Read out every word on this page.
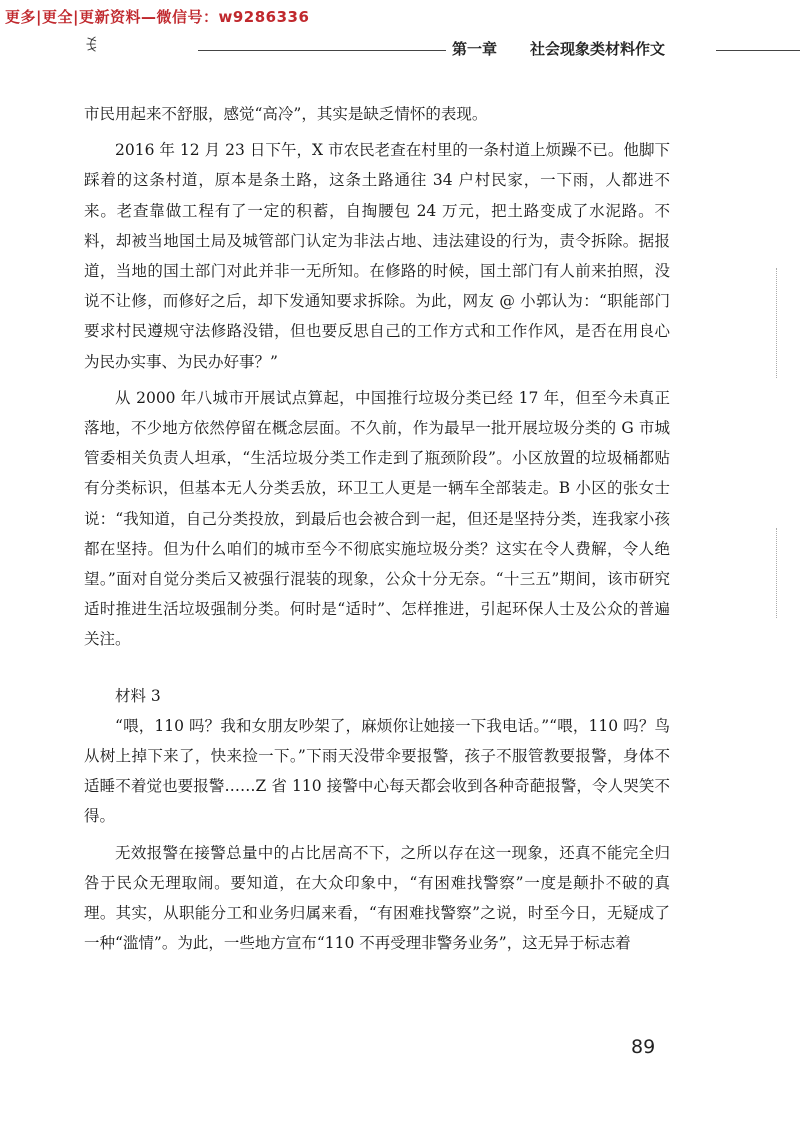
更多|更全|更新资料—微信号：w9286336

ꉂ	第一章 社会现象类材料作文

市民用起来不舒服，感觉“高冷”，其实是缺乏情怀的表现。

2016 年 12 月 23 日下午，X 市农民老查在村里的一条村道上烦躁不已。他脚下踩着的这条村道，原本是条土路，这条土路通往 34 户村民家，一下雨，人都进不来。老查靠做工程有了一定的积蓄，自掏腰包 24 万元，把土路变成了水泥路。不料，却被当地国土局及城管部门认定为非法占地、违法建设的行为，责令拆除。据报道，当地的国土部门对此并非一无所知。在修路的时候，国土部门有人前来拍照，没说不让修，而修好之后，却下发通知要求拆除。为此，网友 @ 小郭认为：“职能部门要求村民遵规守法修路没错，但也要反思自己的工作方式和工作作风，是否在用良心为民办实事、为民办好事？”

从 2000 年八城市开展试点算起，中国推行垃圾分类已经 17 年，但至今未真正落地，不少地方依然停留在概念层面。不久前，作为最早一批开展垃圾分类的 G 市城管委相关负责人坦承，“生活垃圾分类工作走到了瓶颈阶段”。小区放置的垃圾桶都贴有分类标识，但基本无人分类丢放，环卫工人更是一辆车全部装走。B 小区的张女士说：“我知道，自己分类投放，到最后也会被合到一起，但还是坚持分类，连我家小孩都在坚持。但为什么咱们的城市至今不彻底实施垃圾分类？这实在令人费解，令人绝望。”面对自觉分类后又被强行混装的现象，公众十分无奈。“十三五”期间，该市研究适时推进生活垃圾强制分类。何时是“适时”、怎样推进，引起环保人士及公众的普遍关注。

材料 3

“喂，110 吗？我和女朋友吵架了，麻烦你让她接一下我电话。”“喂，110 吗？鸟从树上掉下来了，快来捡一下。”下雨天没带伞要报警，孩子不服管教要报警，身体不适睡不着觉也要报警……Z 省 110 接警中心每天都会收到各种奇葩报警，令人哭笑不得。

无效报警在接警总量中的占比居高不下，之所以存在这一现象，还真不能完全归咎于民众无理取闹。要知道，在大众印象中，“有困难找警察”一度是颠扑不破的真理。其实，从职能分工和业务归属来看，“有困难找警察”之说，时至今日，无疑成了一种“滥情”。为此，一些地方宣布“110 不再受理非警务业务”，这无异于标志着

89
